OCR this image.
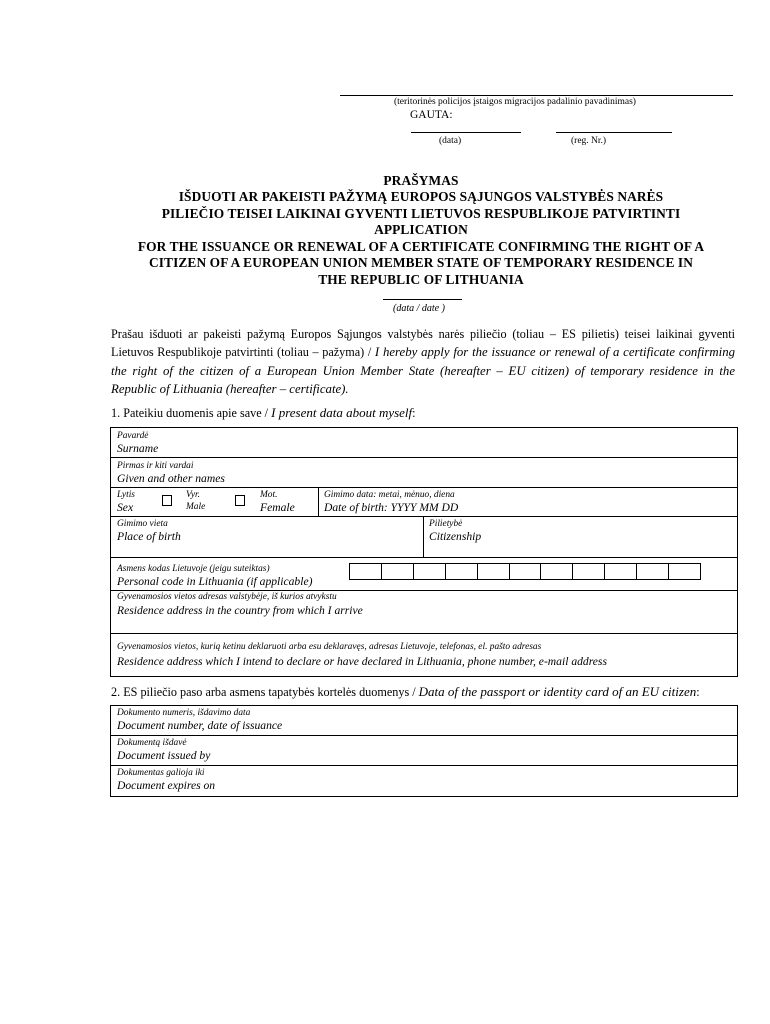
(teritorinės policijos įstaigos migracijos padalinio pavadinimas)
GAUTA:
(data)	(reg. Nr.)
PRAŠYMAS
IŠDUOTI AR PAKEISTI PAŽYMĄ EUROPOS SĄJUNGOS VALSTYBĖS NARĖS
PILIEČIO TEISEI LAIKINAI GYVENTI LIETUVOS RESPUBLIKOJE PATVIRTINTI
APPLICATION
FOR THE ISSUANCE OR RENEWAL OF A CERTIFICATE CONFIRMING THE RIGHT OF A
CITIZEN OF A EUROPEAN UNION MEMBER STATE OF TEMPORARY RESIDENCE IN
THE REPUBLIC OF LITHUANIA
(data / date )
Prašau išduoti ar pakeisti pažymą Europos Sąjungos valstybės narės piliečio (toliau – ES pilietis) teisei laikinai gyventi Lietuvos Respublikoje patvirtinti (toliau – pažyma) / I hereby apply for the issuance or renewal of a certificate confirming the right of the citizen of a European Union Member State (hereafter – EU citizen) of temporary residence in the Republic of Lithuania (hereafter – certificate).
1. Pateikiu duomenis apie save / I present data about myself:
Pavardė
Surname
Pirmas ir kiti vardai
Given and other names
Lytis
Sex
Vyr.
Male
Mot.
Female
Gimimo data: metai, mėnuo, diena
Date of birth: YYYY MM DD
Gimimo vieta
Place of birth
Pilietybė
Citizenship
Asmens kodas Lietuvoje (jeigu suteiktas)
Personal code in Lithuania (if applicable)
Gyvenamosios vietos adresas valstybėje, iš kurios atvykstu
Residence address in the country from which I arrive
Gyvenamosios vietos, kurią ketinu deklaruoti arba esu deklaravęs, adresas Lietuvoje, telefonas, el. pašto adresas
Residence address which I intend to declare or have declared in Lithuania, phone number, e-mail address
2. ES piliečio paso arba asmens tapatybės kortelės duomenys / Data of the passport or identity card of an EU citizen:
Dokumento numeris, išdavimo data
Document number, date of issuance
Dokumentą išdavė
Document issued by
Dokumentas galioja iki
Document expires on
